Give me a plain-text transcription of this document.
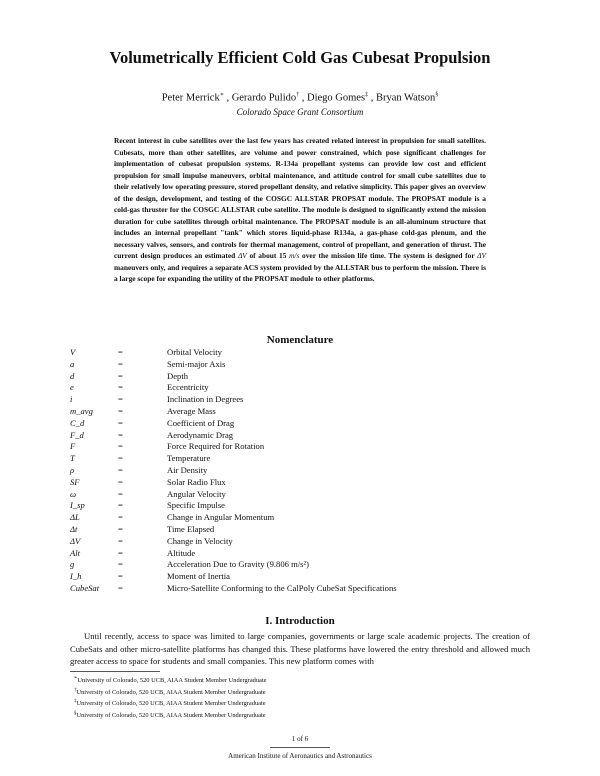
Volumetrically Efficient Cold Gas Cubesat Propulsion

Peter Merrick∗ , Gerardo Pulido† , Diego Gomes‡ , Bryan Watson§

Colorado Space Grant Consortium

Recent interest in cube satellites over the last few years has created related interest in propulsion for small satellites. Cubesats, more than other satellites, are volume and power constrained, which pose significant challenges for implementation of cubesat propulsion systems. R-134a propellant systems can provide low cost and efficient propulsion for small impulse maneuvers, orbital maintenance, and attitude control for small cube satellites due to their relatively low operating pressure, stored propellant density, and relative simplicity. This paper gives an overview of the design, development, and testing of the COSGC ALLSTAR PROPSAT module. The PROPSAT module is a cold-gas thruster for the COSGC ALLSTAR cube satellite. The module is designed to significantly extend the mission duration for cube satellites through orbital maintenance. The PROPSAT module is an all-aluminum structure that includes an internal propellant "tank" which stores liquid-phase R134a, a gas-phase cold-gas plenum, and the necessary valves, sensors, and controls for thermal management, control of propellant, and generation of thrust. The current design produces an estimated ΔV of about 15 m/s over the mission life time. The system is designed for ΔV maneuvers only, and requires a separate ACS system provided by the ALLSTAR bus to perform the mission. There is a large scope for expanding the utility of the PROPSAT module to other platforms.

Nomenclature
V	=	Orbital Velocity
a	=	Semi-major Axis
d	=	Depth
e	=	Eccentricity
i	=	Inclination in Degrees
m_avg	=	Average Mass
C_d	=	Coefficient of Drag
F_d	=	Aerodynamic Drag
F	=	Force Required for Rotation
T	=	Temperature
ρ	=	Air Density
SF	=	Solar Radio Flux
ω	=	Angular Velocity
I_sp	=	Specific Impulse
ΔL	=	Change in Angular Momentum
Δt	=	Time Elapsed
ΔV	=	Change in Velocity
Alt	=	Altitude
g	=	Acceleration Due to Gravity (9.806 m/s²)
I_h	=	Moment of Inertia
CubeSat =	Micro-Satellite Conforming to the CalPoly CubeSat Specifications
I. Introduction

Until recently, access to space was limited to large companies, governments or large scale academic projects. The creation of CubeSats and other micro-satellite platforms has changed this. These platforms have lowered the entry threshold and allowed much greater access to space for students and small companies. This new platform comes with

∗University of Colorado, 520 UCB, AIAA Student Member Undergraduate
†University of Colorado, 520 UCB, AIAA Student Member Undergraduate
‡University of Colorado, 520 UCB, AIAA Student Member Undergraduate
§University of Colorado, 520 UCB, AIAA Student Member Undergraduate

1 of 6

American Institute of Aeronautics and Astronautics
